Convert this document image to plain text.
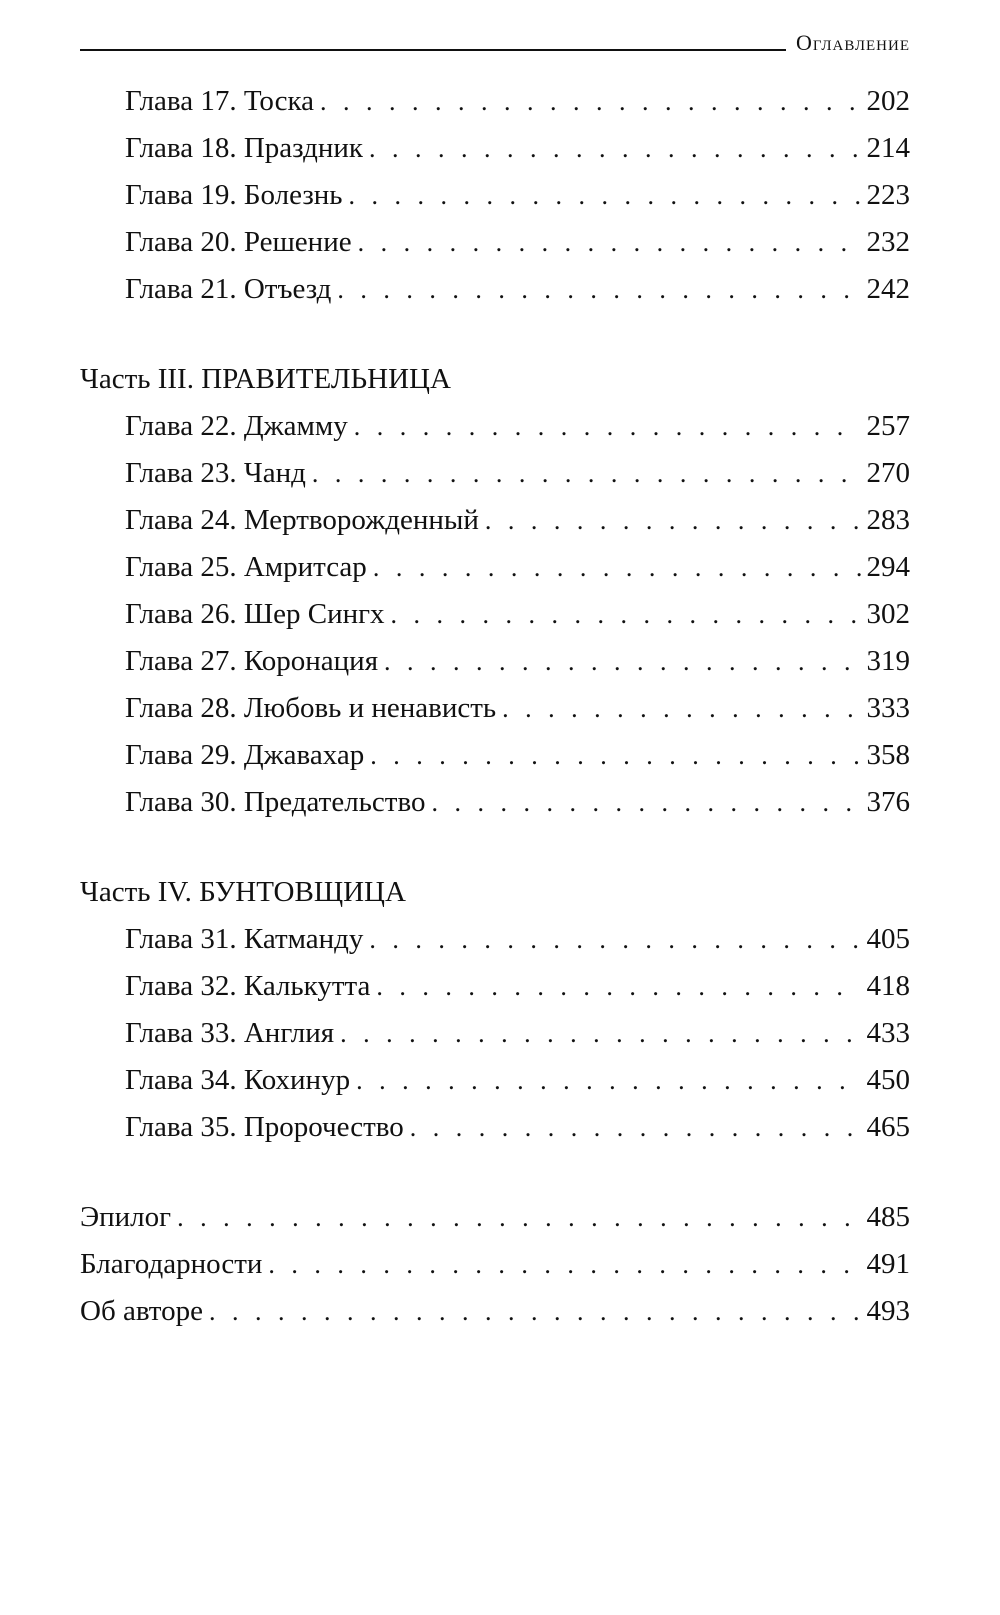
Оглавление
Глава 17. Тоска . . .	202
Глава 18. Праздник . . .	214
Глава 19. Болезнь . . .	223
Глава 20. Решение . . .	232
Глава 21. Отъезд . . .	242
Часть III. ПРАВИТЕЛЬНИЦА
Глава 22. Джамму . . .	257
Глава 23. Чанд . . .	270
Глава 24. Мертворожденный . . .	283
Глава 25. Амритсар . . .	294
Глава 26. Шер Сингх . . .	302
Глава 27. Коронация . . .	319
Глава 28. Любовь и ненависть . . .	333
Глава 29. Джавахар . . .	358
Глава 30. Предательство . . .	376
Часть IV. БУНТОВЩИЦА
Глава 31. Катманду . . .	405
Глава 32. Калькутта . . .	418
Глава 33. Англия . . .	433
Глава 34. Кохинур . . .	450
Глава 35. Пророчество . . .	465
Эпилог . . .	485
Благодарности . . .	491
Об авторе . . .	493
